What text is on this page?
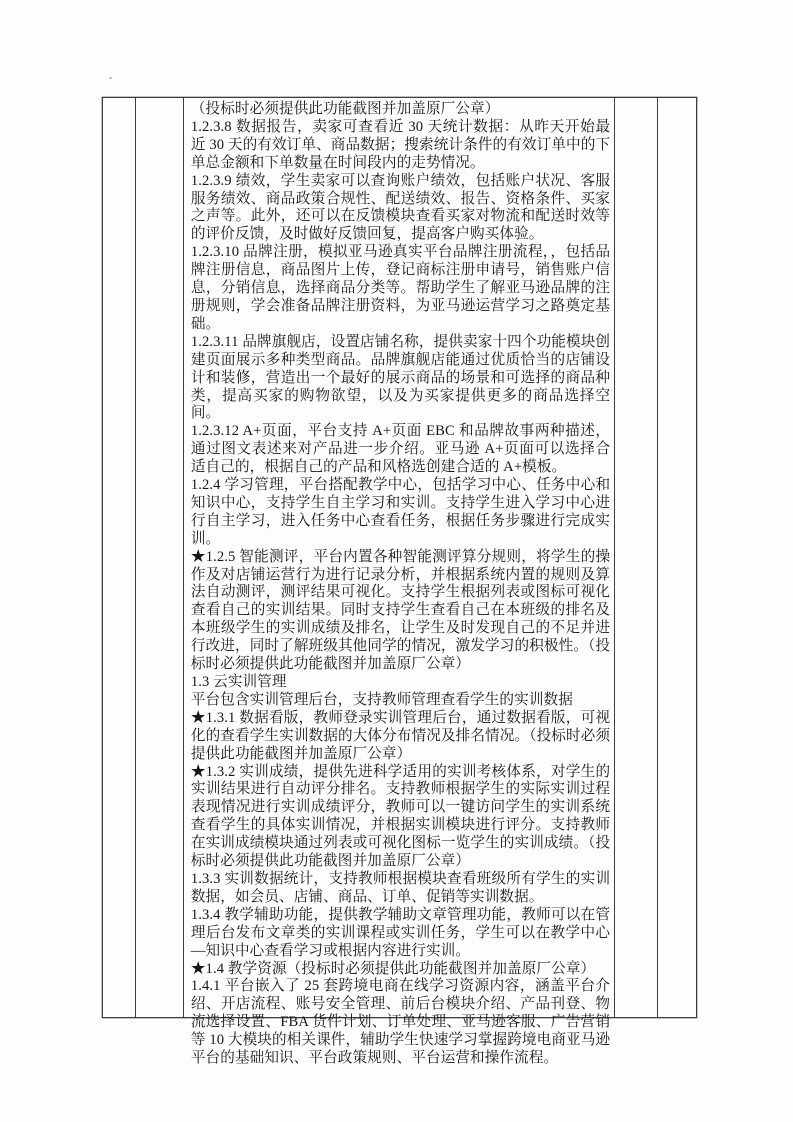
（投标时必须提供此功能截图并加盖原厂公章）

1.2.3.8 数据报告，卖家可查看近 30 天统计数据：从昨天开始最近 30 天的有效订单、商品数据；搜索统计条件的有效订单中的下单总金额和下单数量在时间段内的走势情况。

1.2.3.9 绩效，学生卖家可以查询账户绩效，包括账户状况、客服服务绩效、商品政策合规性、配送绩效、报告、资格条件、买家之声等。此外，还可以在反馈模块查看买家对物流和配送时效等的评价反馈，及时做好反馈回复，提高客户购买体验。

1.2.3.10 品牌注册，模拟亚马逊真实平台品牌注册流程，，包括品牌注册信息，商品图片上传，登记商标注册申请号，销售账户信息，分销信息，选择商品分类等。帮助学生了解亚马逊品牌的注册规则，学会准备品牌注册资料，为亚马逊运营学习之路奠定基础。

1.2.3.11 品牌旗舰店，设置店铺名称，提供卖家十四个功能模块创建页面展示多种类型商品。品牌旗舰店能通过优质恰当的店铺设计和装修，营造出一个最好的展示商品的场景和可选择的商品种类，提高买家的购物欲望，以及为买家提供更多的商品选择空间。

1.2.3.12 A+页面，平台支持 A+页面 EBC 和品牌故事两种描述，通过图文表述来对产品进一步介绍。亚马逊 A+页面可以选择合适自己的，根据自己的产品和风格选创建合适的 A+模板。

1.2.4 学习管理，平台搭配教学中心，包括学习中心、任务中心和知识中心，支持学生自主学习和实训。支持学生进入学习中心进行自主学习，进入任务中心查看任务，根据任务步骤进行完成实训。

★1.2.5 智能测评，平台内置各种智能测评算分规则，将学生的操作及对店铺运营行为进行记录分析，并根据系统内置的规则及算法自动测评，测评结果可视化。支持学生根据列表或图标可视化查看自己的实训结果。同时支持学生查看自己在本班级的排名及本班级学生的实训成绩及排名，让学生及时发现自己的不足并进行改进，同时了解班级其他同学的情况，激发学习的积极性。（投标时必须提供此功能截图并加盖原厂公章）

1.3 云实训管理

平台包含实训管理后台，支持教师管理查看学生的实训数据

★1.3.1 数据看版，教师登录实训管理后台，通过数据看版，可视化的查看学生实训数据的大体分布情况及排名情况。（投标时必须提供此功能截图并加盖原厂公章）

★1.3.2 实训成绩，提供先进科学适用的实训考核体系，对学生的实训结果进行自动评分排名。支持教师根据学生的实际实训过程表现情况进行实训成绩评分，教师可以一键访问学生的实训系统查看学生的具体实训情况，并根据实训模块进行评分。支持教师在实训成绩模块通过列表或可视化图标一览学生的实训成绩。（投标时必须提供此功能截图并加盖原厂公章）

1.3.3 实训数据统计，支持教师根据模块查看班级所有学生的实训数据，如会员、店铺、商品、订单、促销等实训数据。

1.3.4 教学辅助功能，提供教学辅助文章管理功能，教师可以在管理后台发布文章类的实训课程或实训任务，学生可以在教学中心—知识中心查看学习或根据内容进行实训。

★1.4 教学资源（投标时必须提供此功能截图并加盖原厂公章）

1.4.1 平台嵌入了 25 套跨境电商在线学习资源内容，涵盖平台介绍、开店流程、账号安全管理、前后台模块介绍、产品刊登、物流选择设置、FBA 货件计划、订单处理、亚马逊客服、广告营销等 10 大模块的相关课件，辅助学生快速学习掌握跨境电商亚马逊平台的基础知识、平台政策规则、平台运营和操作流程。
